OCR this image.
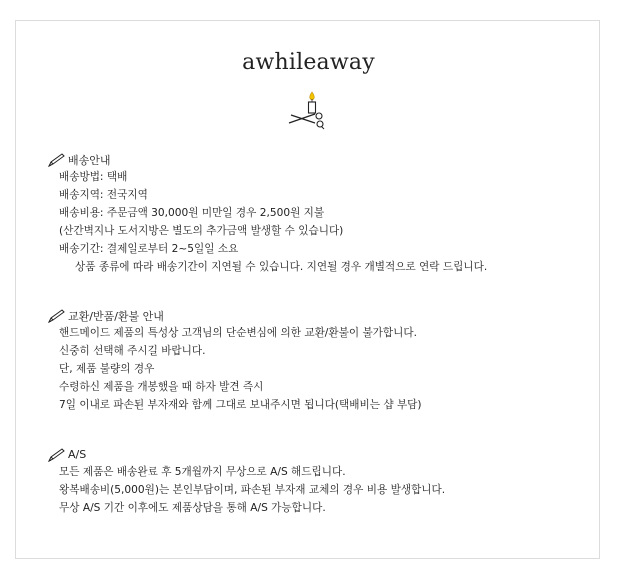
awhileaway
배송안내
배송방법: 택배
배송지역: 전국지역
배송비용: 주문금액 30,000원 미만일 경우 2,500원 지불
(산간벽지나 도서지방은 별도의 추가금액 발생할 수 있습니다)
배송기간: 결제일로부터 2~5일일 소요
상품 종류에 따라 배송기간이 지연될 수 있습니다. 지연될 경우 개별적으로 연락 드립니다.
교환/반품/환불 안내
핸드메이드 제품의 특성상 고객님의 단순변심에 의한 교환/환불이 불가합니다.
신중히 선택해 주시길 바랍니다.
단, 제품 불량의 경우
수령하신 제품을 개봉했을 때 하자 발견 즉시
7일 이내로 파손된 부자재와 함께 그대로 보내주시면 됩니다(택배비는 샵 부담)
A/S
모든 제품은 배송완료 후 5개월까지 무상으로 A/S 해드립니다.
왕복배송비(5,000원)는 본인부담이며, 파손된 부자재 교체의 경우 비용 발생합니다.
무상 A/S 기간 이후에도 제품상담을 통해 A/S 가능합니다.
